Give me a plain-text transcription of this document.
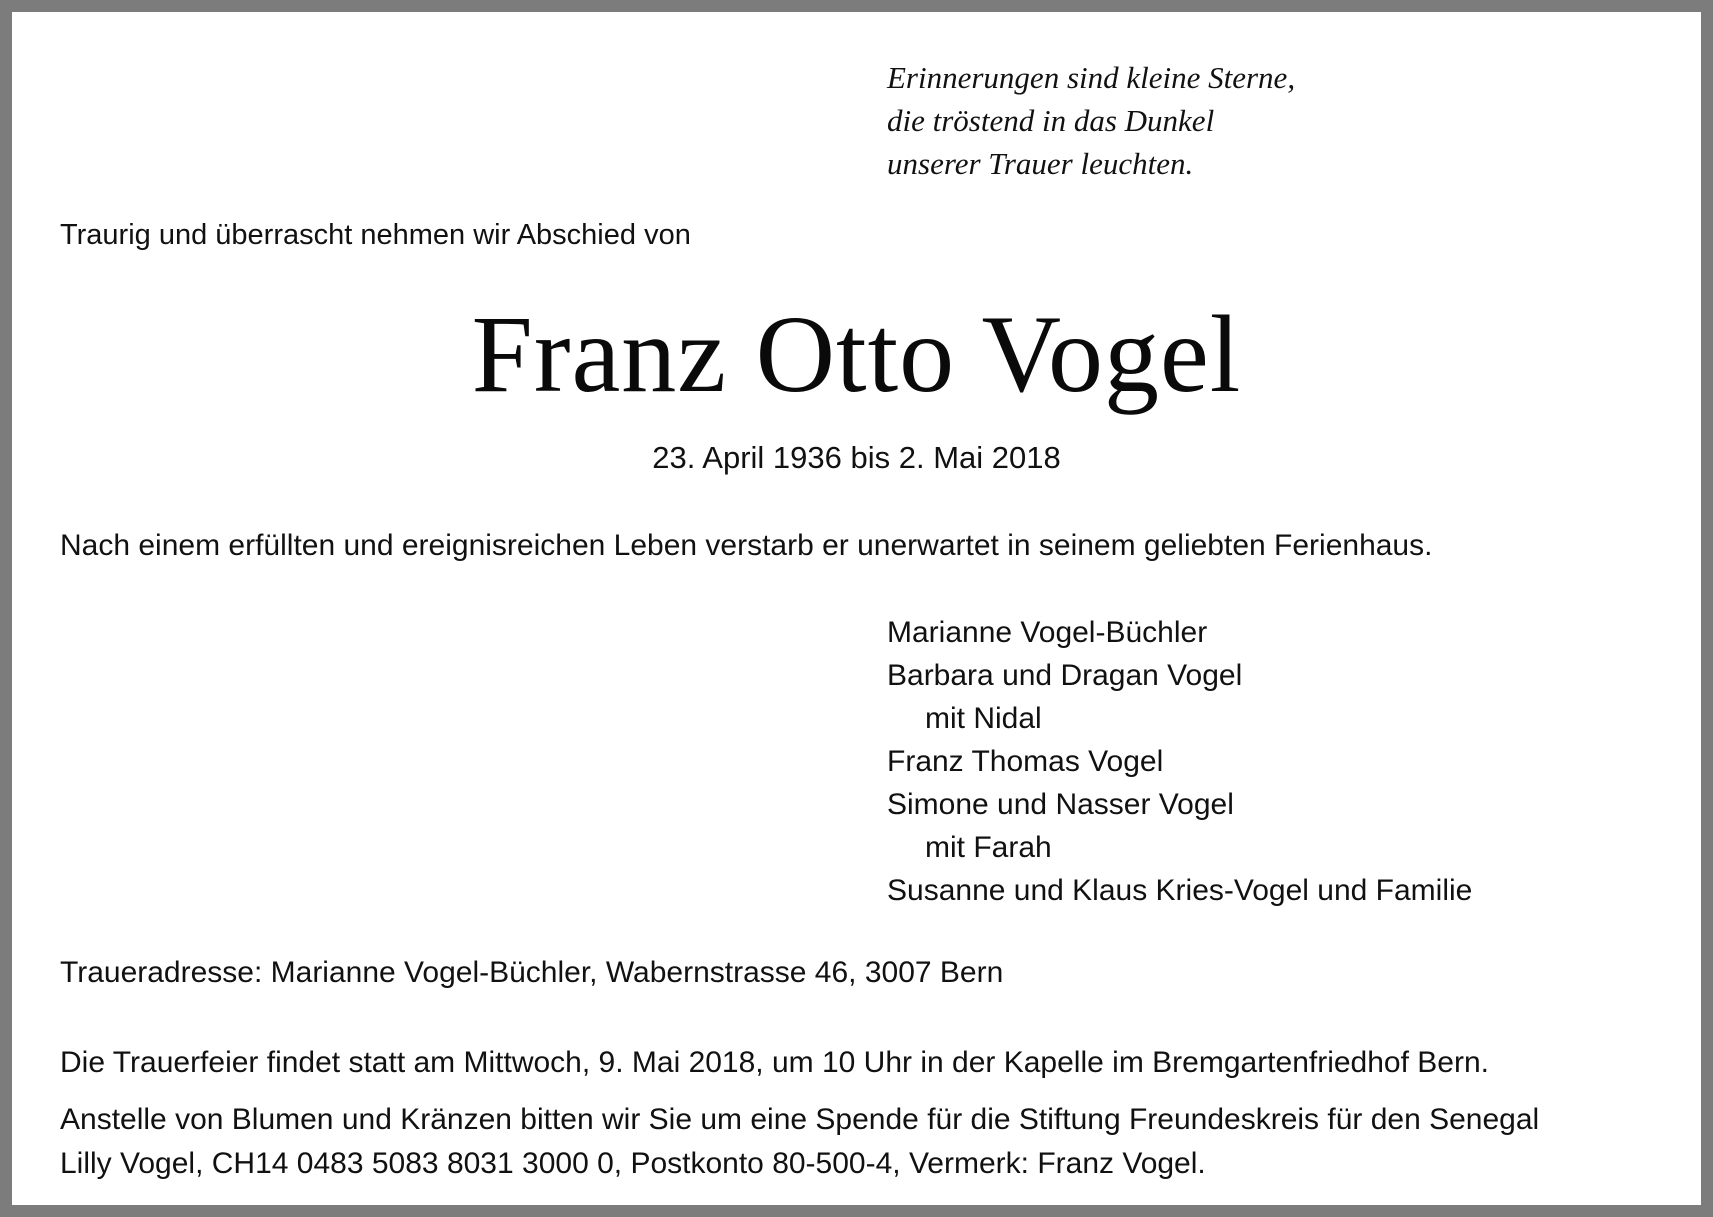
Erinnerungen sind kleine Sterne,
die tröstend in das Dunkel
unserer Trauer leuchten.
Traurig und überrascht nehmen wir Abschied von
Franz Otto Vogel
23. April 1936 bis 2. Mai 2018
Nach einem erfüllten und ereignisreichen Leben verstarb er unerwartet in seinem geliebten Ferienhaus.
Marianne Vogel-Büchler
Barbara und Dragan Vogel
mit Nidal
Franz Thomas Vogel
Simone und Nasser Vogel
mit Farah
Susanne und Klaus Kries-Vogel und Familie
Traueradresse: Marianne Vogel-Büchler, Wabernstrasse 46, 3007 Bern
Die Trauerfeier findet statt am Mittwoch, 9. Mai 2018, um 10 Uhr in der Kapelle im Bremgartenfriedhof Bern.
Anstelle von Blumen und Kränzen bitten wir Sie um eine Spende für die Stiftung Freundeskreis für den Senegal
Lilly Vogel, CH14 0483 5083 8031 3000 0, Postkonto 80-500-4, Vermerk: Franz Vogel.
